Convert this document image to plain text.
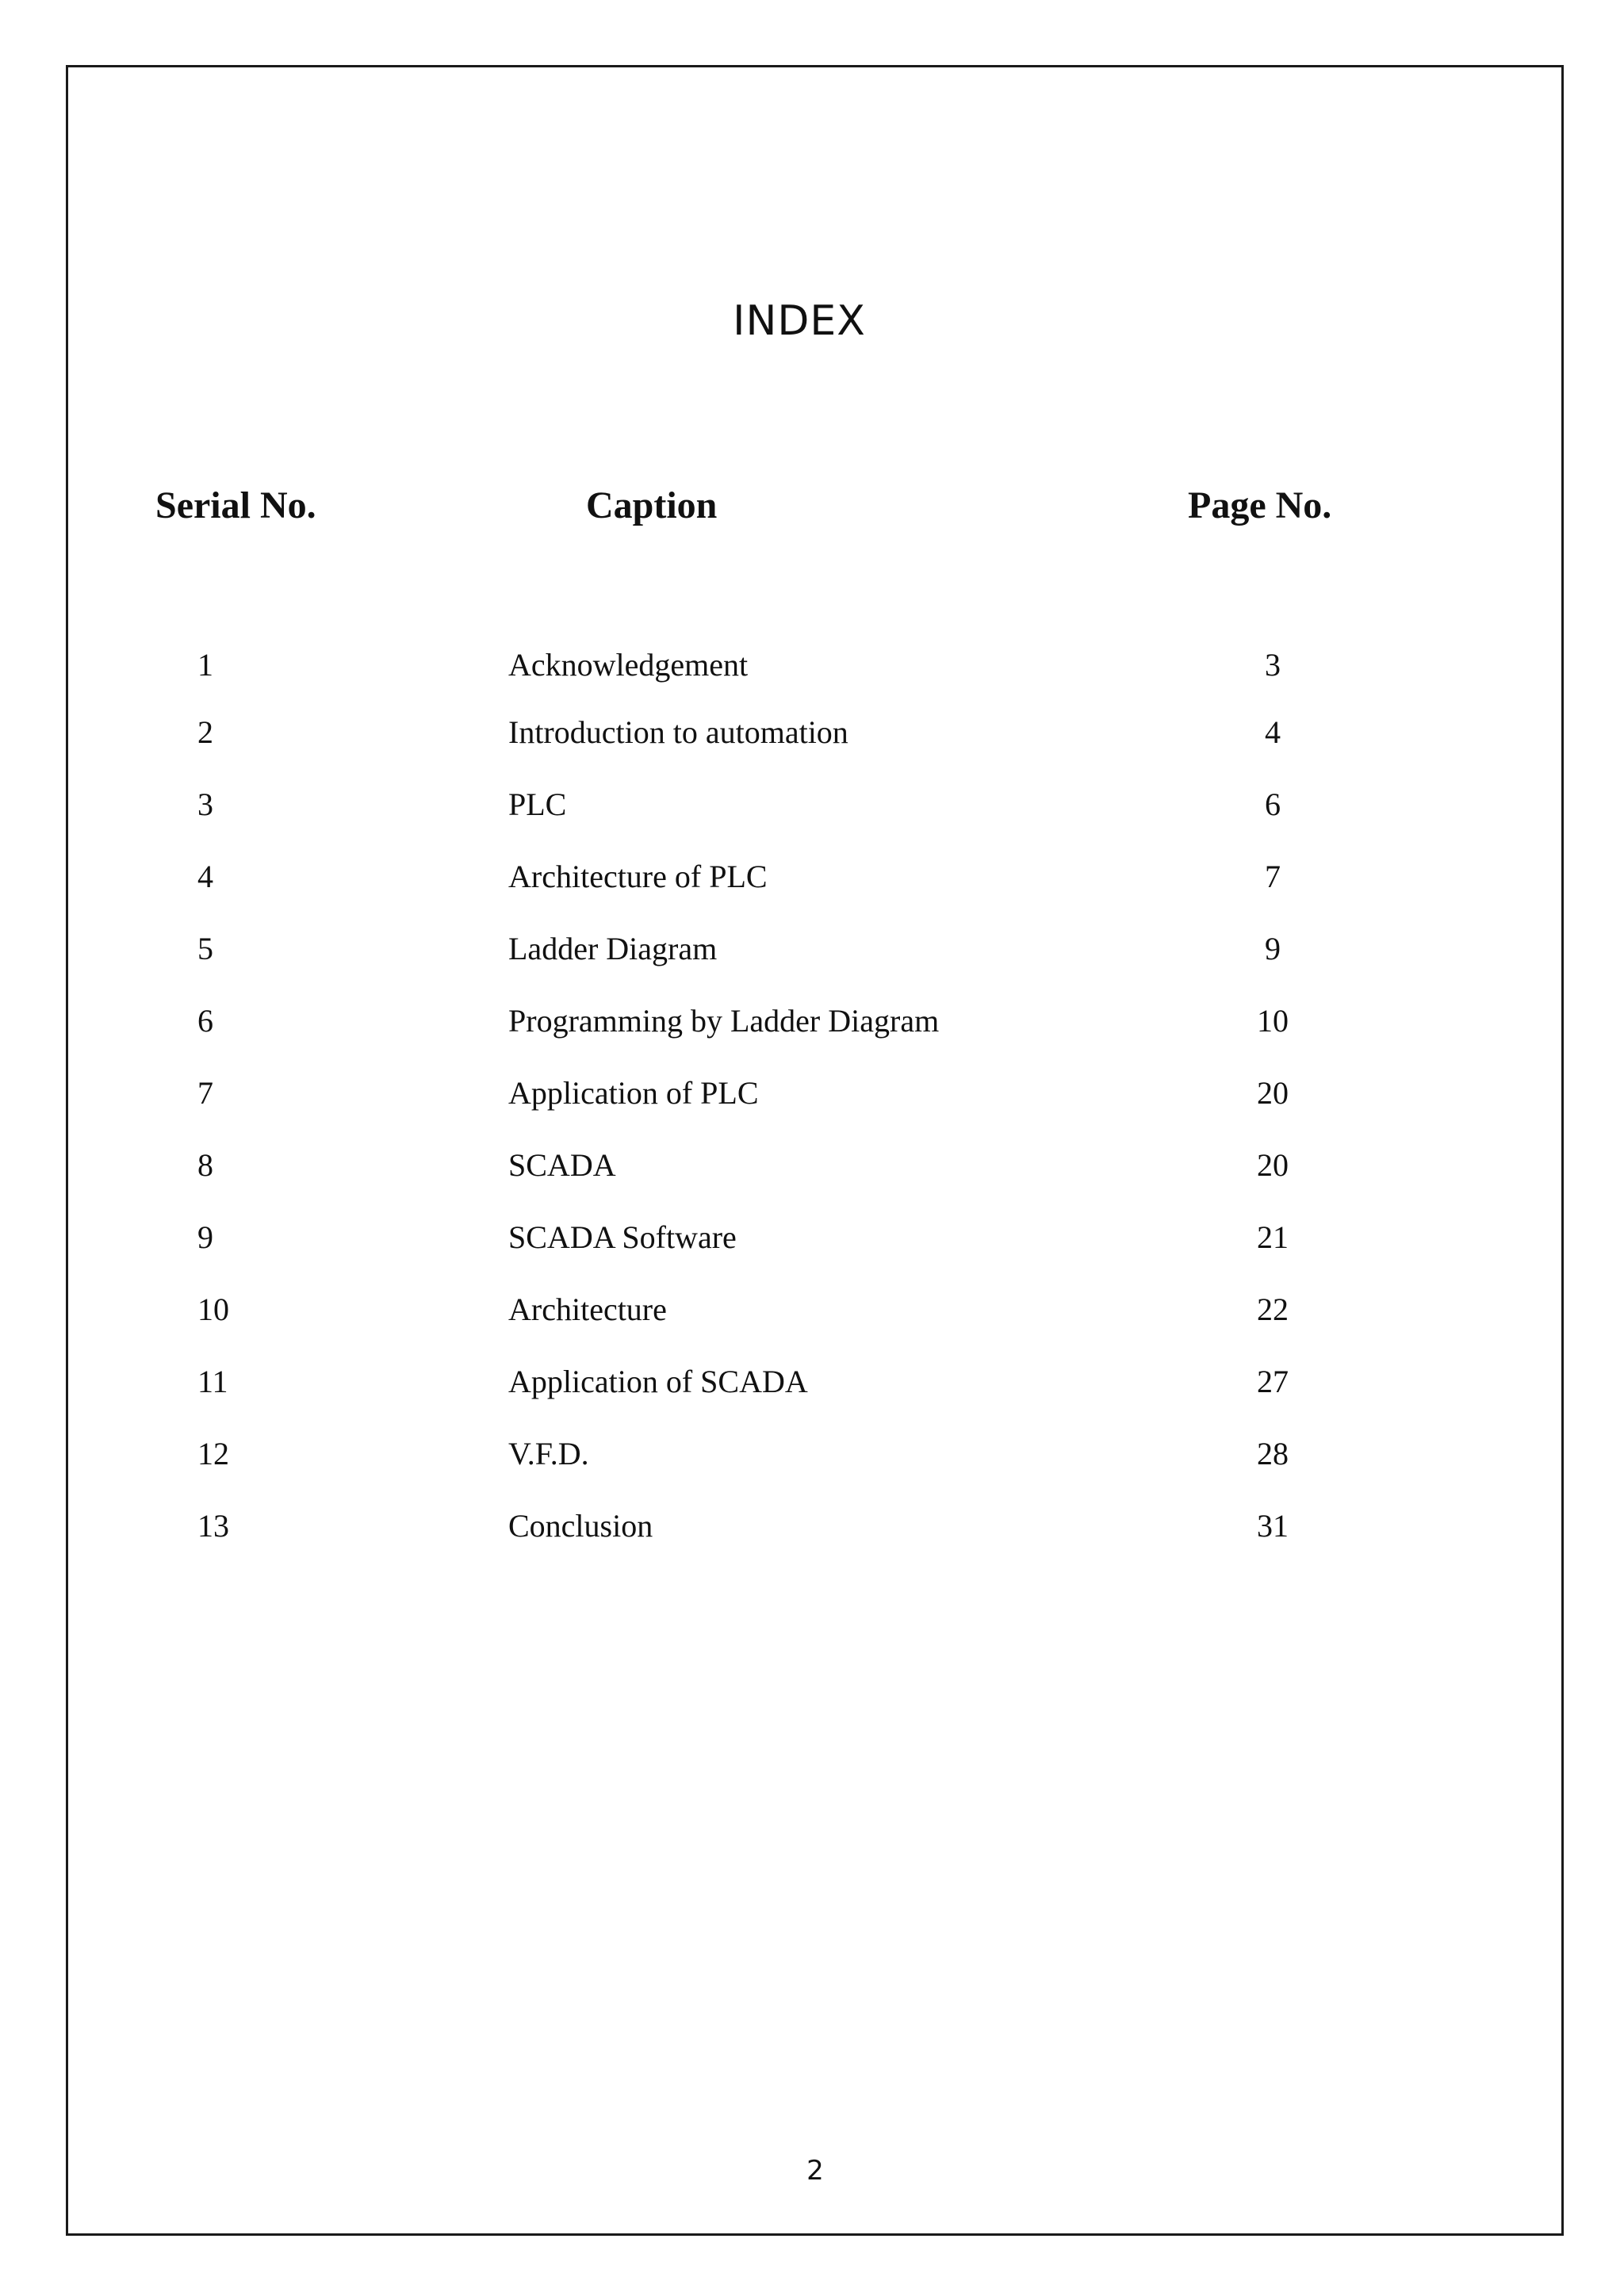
INDEX
Serial No.	Caption	Page No.
1	Acknowledgement	3
2	Introduction to automation	4
3	PLC	6
4	Architecture of PLC	7
5	Ladder Diagram	9
6	Programming by Ladder Diagram	10
7	Application of PLC	20
8	SCADA	20
9	SCADA Software	21
10	Architecture	22
11	Application of SCADA	27
12	V.F.D.	28
13	Conclusion	31
2
